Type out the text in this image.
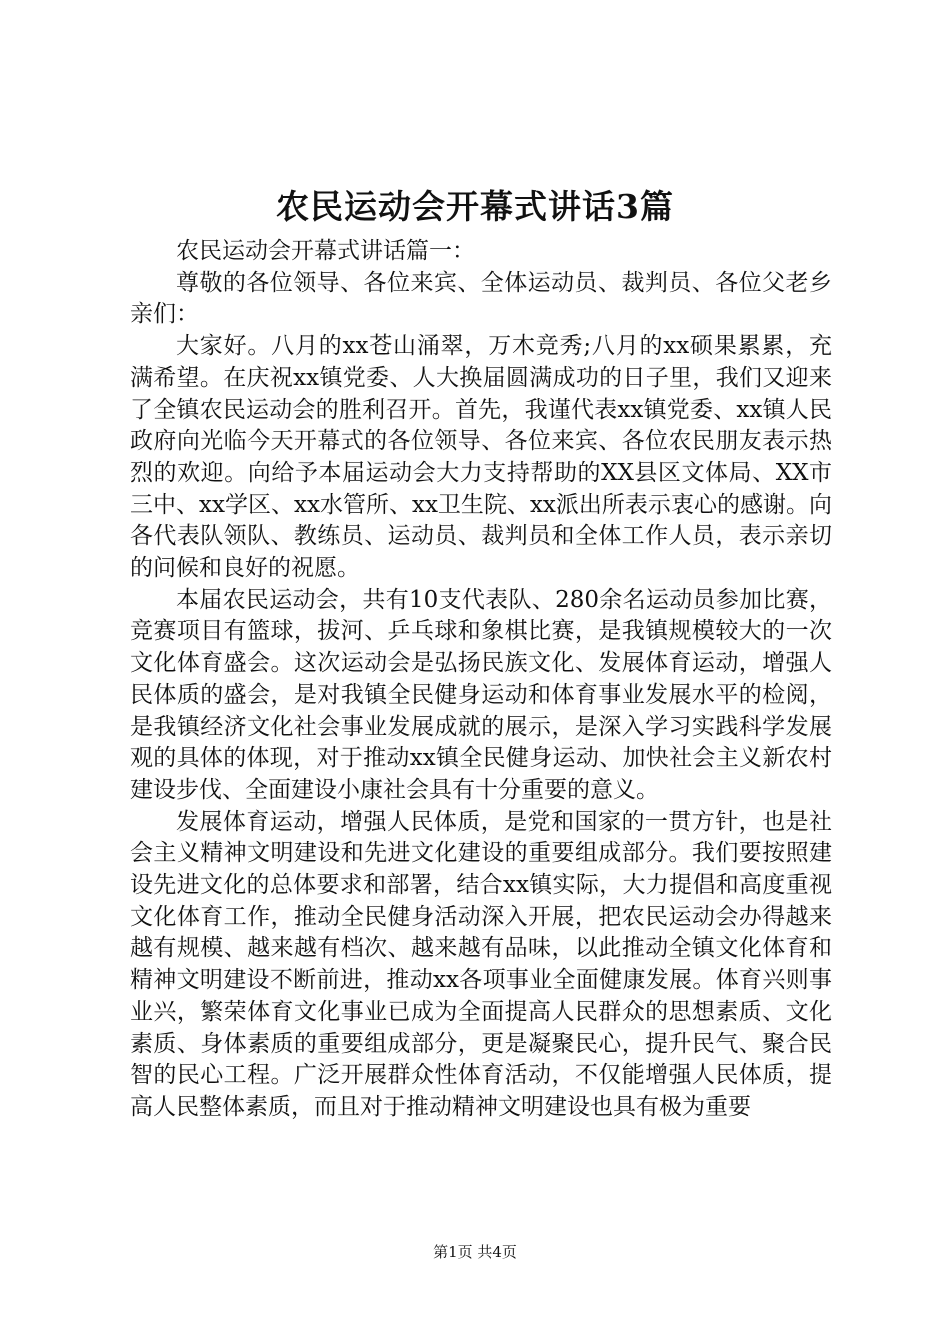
农民运动会开幕式讲话3篇

农民运动会开幕式讲话篇一：

尊敬的各位领导、各位来宾、全体运动员、裁判员、各位父老乡亲们：

大家好。八月的xx苍山涌翠，万木竞秀;八月的xx硕果累累，充满希望。在庆祝xx镇党委、人大换届圆满成功的日子里，我们又迎来了全镇农民运动会的胜利召开。首先，我谨代表xx镇党委、xx镇人民政府向光临今天开幕式的各位领导、各位来宾、各位农民朋友表示热烈的欢迎。向给予本届运动会大力支持帮助的XX县区文体局、XX市三中、xx学区、xx水管所、xx卫生院、xx派出所表示衷心的感谢。向各代表队领队、教练员、运动员、裁判员和全体工作人员，表示亲切的问候和良好的祝愿。

本届农民运动会，共有10支代表队、280余名运动员参加比赛，竞赛项目有篮球，拔河、乒乓球和象棋比赛，是我镇规模较大的一次文化体育盛会。这次运动会是弘扬民族文化、发展体育运动，增强人民体质的盛会，是对我镇全民健身运动和体育事业发展水平的检阅，是我镇经济文化社会事业发展成就的展示，是深入学习实践科学发展观的具体的体现，对于推动xx镇全民健身运动、加快社会主义新农村建设步伐、全面建设小康社会具有十分重要的意义。

发展体育运动，增强人民体质，是党和国家的一贯方针，也是社会主义精神文明建设和先进文化建设的重要组成部分。我们要按照建设先进文化的总体要求和部署，结合xx镇实际，大力提倡和高度重视文化体育工作，推动全民健身活动深入开展，把农民运动会办得越来越有规模、越来越有档次、越来越有品味，以此推动全镇文化体育和精神文明建设不断前进，推动xx各项事业全面健康发展。体育兴则事业兴，繁荣体育文化事业已成为全面提高人民群众的思想素质、文化素质、身体素质的重要组成部分，更是凝聚民心，提升民气、聚合民智的民心工程。广泛开展群众性体育活动，不仅能增强人民体质，提高人民整体素质，而且对于推动精神文明建设也具有极为重要

第1页 共4页
